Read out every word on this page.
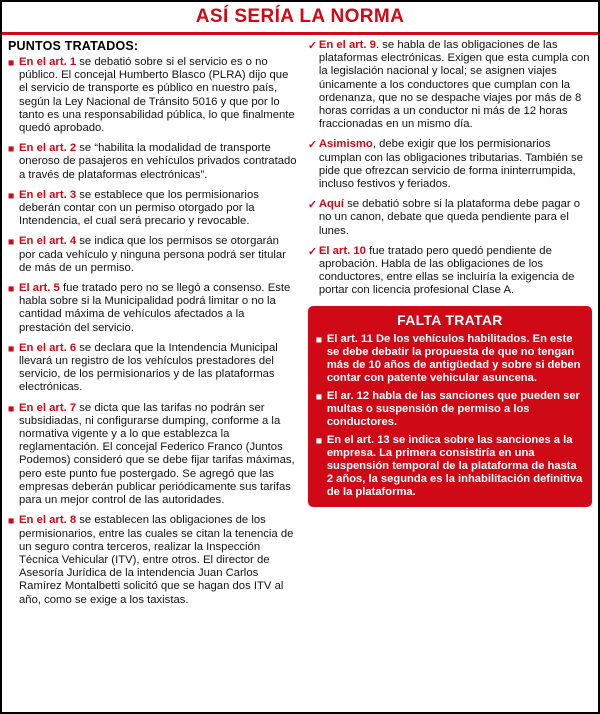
ASÍ SERÍA LA NORMA
PUNTOS TRATADOS:
■ En el art. 1 se debatió sobre si el servicio es o no público. El concejal Humberto Blasco (PLRA) dijo que el servicio de transporte es público en nuestro país, según la Ley Nacional de Tránsito 5016 y que por lo tanto es una responsabilidad pública, lo que finalmente quedó aprobado.
■ En el art. 2 se “habilita la modalidad de transporte oneroso de pasajeros en vehículos privados contratado a través de plataformas electrónicas”.
■ En el art. 3 se establece que los permisionarios deberán contar con un permiso otorgado por la Intendencia, el cual será precario y revocable.
■ En el art. 4 se indica que los permisos se otorgarán por cada vehículo y ninguna persona podrá ser titular de más de un permiso.
■ El art. 5 fue tratado pero no se llegó a consenso. Este habla sobre si la Municipalidad podrá limitar o no la cantidad máxima de vehículos afectados a la prestación del servicio.
■ En el art. 6 se declara que la Intendencia Municipal llevará un registro de los vehículos prestadores del servicio, de los permisionarios y de las plataformas electrónicas.
■ En el art. 7 se dicta que las tarifas no podrán ser subsidiadas, ni configurarse dumping, conforme a la normativa vigente y a lo que establezca la reglamentación. El concejal Federico Franco (Juntos Podemos) consideró que se debe fijar tarifas máximas, pero este punto fue postergado. Se agregó que las empresas deberán publicar periódicamente sus tarifas para un mejor control de las autoridades.
■ En el art. 8 se establecen las obligaciones de los permisionarios, entre las cuales se citan la tenencia de un seguro contra terceros, realizar la Inspección Técnica Vehicular (ITV), entre otros. El director de Asesoría Jurídica de la intendencia Juan Carlos Ramírez Montalbetti solicitó que se hagan dos ITV al año, como se exige a los taxistas.
✓ En el art. 9. se habla de las obligaciones de las plataformas electrónicas. Exigen que esta cumpla con la legislación nacional y local; se asignen viajes únicamente a los conductores que cumplan con la ordenanza, que no se despache viajes por más de 8 horas corridas a un conductor ni más de 12 horas fraccionadas en un mismo día.
✓ Asimismo, debe exigir que los permisionarios cumplan con las obligaciones tributarias. También se pide que ofrezcan servicio de forma ininterrumpida, incluso festivos y feriados.
✓ Aquí se debatió sobre si la plataforma debe pagar o no un canon, debate que queda pendiente para el lunes.
✓ El art. 10 fue tratado pero quedó pendiente de aprobación. Habla de las obligaciones de los conductores, entre ellas se incluiría la exigencia de portar con licencia profesional Clase A.
FALTA TRATAR
■ El art. 11 De los vehículos habilitados. En este se debe debatir la propuesta de que no tengan más de 10 años de antigüedad y sobre si deben contar con patente vehicular asuncena.
■ El ar. 12 habla de las sanciones que pueden ser multas o suspensión de permiso a los conductores.
■ En el art. 13 se indica sobre las sanciones a la empresa. La primera consistiría en una suspensión temporal de la plataforma de hasta 2 años, la segunda es la inhabilitación definitiva de la plataforma.
